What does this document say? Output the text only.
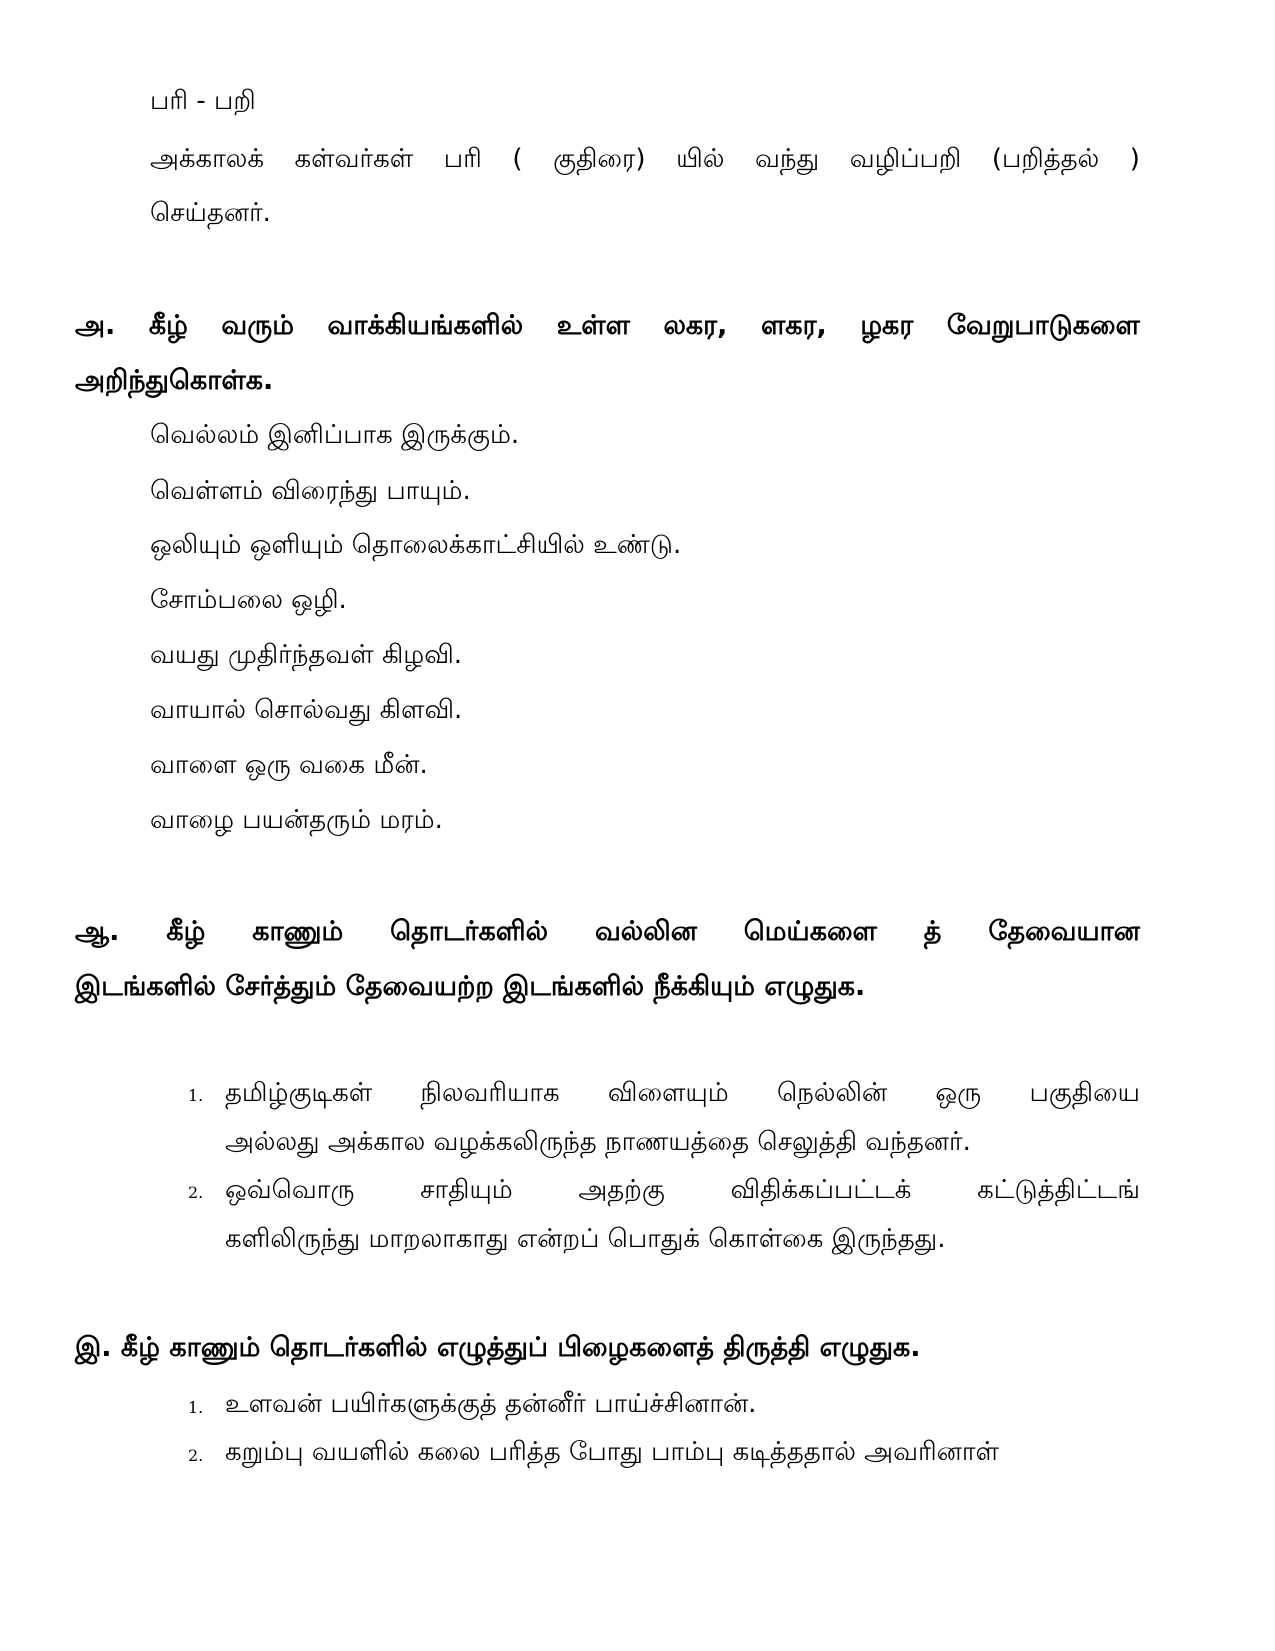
பரி - பறி
அக்காலக் கள்வர்கள் பரி ( குதிரை) யில் வந்து வழிப்பறி (பறித்தல் )
செய்தனர்.
அ. கீழ் வரும் வாக்கியங்களில் உள்ள லகர, ளகர, ழகர வேறுபாடுகளை
அறிந்துகொள்க.
வெல்லம் இனிப்பாக இருக்கும்.
வெள்ளம் விரைந்து பாயும்.
ஒலியும் ஒளியும் தொலைக்காட்சியில் உண்டு.
சோம்பலை ஒழி.
வயது முதிர்ந்தவள் கிழவி.
வாயால் சொல்வது கிளவி.
வாளை ஒரு வகை மீன்.
வாழை பயன்தரும் மரம்.
ஆ. கீழ் காணும் தொடர்களில் வல்லின மெய்களை த் தேவையான
இடங்களில் சேர்த்தும் தேவையற்ற இடங்களில் நீக்கியும் எழுதுக.
1. தமிழ்குடிகள் நிலவரியாக விளையும் நெல்லின் ஒரு பகுதியை
அல்லது அக்கால வழக்கலிருந்த நாணயத்தை செலுத்தி வந்தனர்.
2. ஒவ்வொரு	சாதியும்	அதற்கு	விதிக்கப்பட்டக்	கட்டுத்திட்டங்
களிலிருந்து மாறலாகாது என்றப் பொதுக் கொள்கை இருந்தது.
இ. கீழ் காணும் தொடர்களில் எழுத்துப் பிழைகளைத் திருத்தி எழுதுக.
1. உளவன் பயிர்களுக்குத் தன்னீர் பாய்ச்சினான்.
2. கறும்பு வயளில் கலை பரித்த போது பாம்பு கடித்ததால் அவரினாள்
